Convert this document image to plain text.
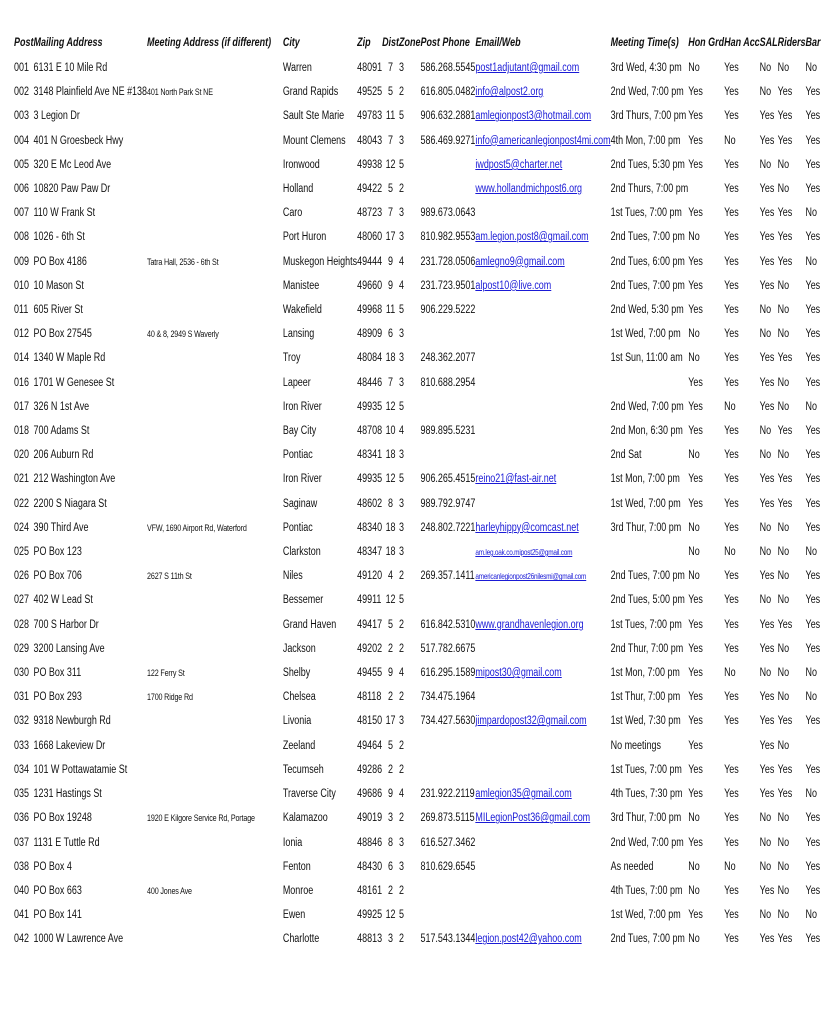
Post	Mailing Address	Meeting Address (if different)	City	Zip	Dist	Zone	Post Phone	Email/Web	Meeting Time(s)	Hon Grd	Han Acc	SAL	Riders	Bar
001	6131 E 10 Mile Rd		Warren	48091	7	3	586.268.5545	post1adjutant@gmail.com	3rd Wed, 4:30 pm	No	Yes	No	No	No
002	3148 Plainfield Ave NE #138	401 North Park St NE	Grand Rapids	49525	5	2	616.805.0482	info@alpost2.org	2nd Wed, 7:00 pm	Yes	Yes	No	Yes	Yes
003	3 Legion Dr		Sault Ste Marie	49783	11	5	906.632.2881	amlegionpost3@hotmail.com	3rd Thurs, 7:00 pm	Yes	Yes	Yes	Yes	Yes
004	401 N Groesbeck Hwy		Mount Clemens	48043	7	3	586.469.9271	info@americanlegionpost4mi.com	4th Mon, 7:00 pm	Yes	No	Yes	Yes	Yes
005	320 E Mc Leod Ave		Ironwood	49938	12	5		iwdpost5@charter.net	2nd Tues, 5:30 pm	Yes	Yes	No	No	Yes
006	10820 Paw Paw Dr		Holland	49422	5	2		www.hollandmichpost6.org	2nd Thurs, 7:00 pm		Yes	Yes	No	Yes
007	110 W Frank St		Caro	48723	7	3	989.673.0643		1st Tues, 7:00 pm	Yes	Yes	Yes	Yes	No
008	1026 - 6th St		Port Huron	48060	17	3	810.982.9553	am.legion.post8@gmail.com	2nd Tues, 7:00 pm	No	Yes	Yes	Yes	Yes
009	PO Box 4186	Tatra Hall, 2536 - 6th St	Muskegon Heights	49444	9	4	231.728.0506	amlegno9@gmail.com	2nd Tues, 6:00 pm	Yes	Yes	Yes	Yes	No
010	10 Mason St		Manistee	49660	9	4	231.723.9501	alpost10@live.com	2nd Tues, 7:00 pm	Yes	Yes	Yes	No	Yes
011	605 River St		Wakefield	49968	11	5	906.229.5222		2nd Wed, 5:30 pm	Yes	Yes	No	No	Yes
012	PO Box 27545	40 & 8, 2949 S Waverly	Lansing	48909	6	3			1st Wed, 7:00 pm	No	Yes	No	No	Yes
014	1340 W Maple Rd		Troy	48084	18	3	248.362.2077		1st Sun, 11:00 am	No	Yes	Yes	Yes	Yes
016	1701 W Genesee St		Lapeer	48446	7	3	810.688.2954			Yes	Yes	Yes	No	Yes
017	326 N 1st Ave		Iron River	49935	12	5			2nd Wed, 7:00 pm	Yes	No	Yes	No	No
018	700 Adams St		Bay City	48708	10	4	989.895.5231		2nd Mon, 6:30 pm	Yes	Yes	No	Yes	Yes
020	206 Auburn Rd		Pontiac	48341	18	3			2nd Sat	No	Yes	No	No	Yes
021	212 Washington Ave		Iron River	49935	12	5	906.265.4515	reino21@fast-air.net	1st Mon, 7:00 pm	Yes	Yes	Yes	Yes	Yes
022	2200 S Niagara St		Saginaw	48602	8	3	989.792.9747		1st Wed, 7:00 pm	Yes	Yes	Yes	Yes	Yes
024	390 Third Ave	VFW, 1690 Airport Rd, Waterford	Pontiac	48340	18	3	248.802.7221	harleyhippy@comcast.net	3rd Thur, 7:00 pm	No	Yes	No	No	Yes
025	PO Box 123		Clarkston	48347	18	3		am.leg.oak.co.mipost25@gmail.com		No	No	No	No	No
026	PO Box 706	2627 S 11th St	Niles	49120	4	2	269.357.1411	americanlegionpost26nilesmi@gmail.com	2nd Tues, 7:00 pm	No	Yes	Yes	No	Yes
027	402 W Lead St		Bessemer	49911	12	5			2nd Tues, 5:00 pm	Yes	Yes	No	No	Yes
028	700 S Harbor Dr		Grand Haven	49417	5	2	616.842.5310	www.grandhavenlegion.org	1st Tues, 7:00 pm	Yes	Yes	Yes	Yes	Yes
029	3200 Lansing Ave		Jackson	49202	2	2	517.782.6675		2nd Thur, 7:00 pm	Yes	Yes	Yes	No	Yes
030	PO Box 311	122 Ferry St	Shelby	49455	9	4	616.295.1589	mipost30@gmail.com	1st Mon, 7:00 pm	Yes	No	No	No	No
031	PO Box 293	1700 Ridge Rd	Chelsea	48118	2	2	734.475.1964		1st Thur, 7:00 pm	Yes	Yes	Yes	No	No
032	9318 Newburgh Rd		Livonia	48150	17	3	734.427.5630	jimpardopost32@gmail.com	1st Wed, 7:30 pm	Yes	Yes	Yes	Yes	Yes
033	1668 Lakeview Dr		Zeeland	49464	5	2			No meetings	Yes		Yes	No	
034	101 W Pottawatamie St		Tecumseh	49286	2	2			1st Tues, 7:00 pm	Yes	Yes	Yes	Yes	Yes
035	1231 Hastings St		Traverse City	49686	9	4	231.922.2119	amlegion35@gmail.com	4th Tues, 7:30 pm	Yes	Yes	Yes	Yes	No
036	PO Box 19248	1920 E Kilgore Service Rd, Portage	Kalamazoo	49019	3	2	269.873.5115	MILegionPost36@gmail.com	3rd Thur, 7:00 pm	No	Yes	No	No	Yes
037	1131 E Tuttle Rd		Ionia	48846	8	3	616.527.3462		2nd Wed, 7:00 pm	Yes	Yes	No	No	Yes
038	PO Box 4		Fenton	48430	6	3	810.629.6545		As needed	No	No	No	No	Yes
040	PO Box 663	400 Jones Ave	Monroe	48161	2	2			4th Tues, 7:00 pm	No	Yes	Yes	No	Yes
041	PO Box 141		Ewen	49925	12	5			1st Wed, 7:00 pm	Yes	Yes	No	No	No
042	1000 W Lawrence Ave		Charlotte	48813	3	2	517.543.1344	legion.post42@yahoo.com	2nd Tues, 7:00 pm	No	Yes	Yes	Yes	Yes
